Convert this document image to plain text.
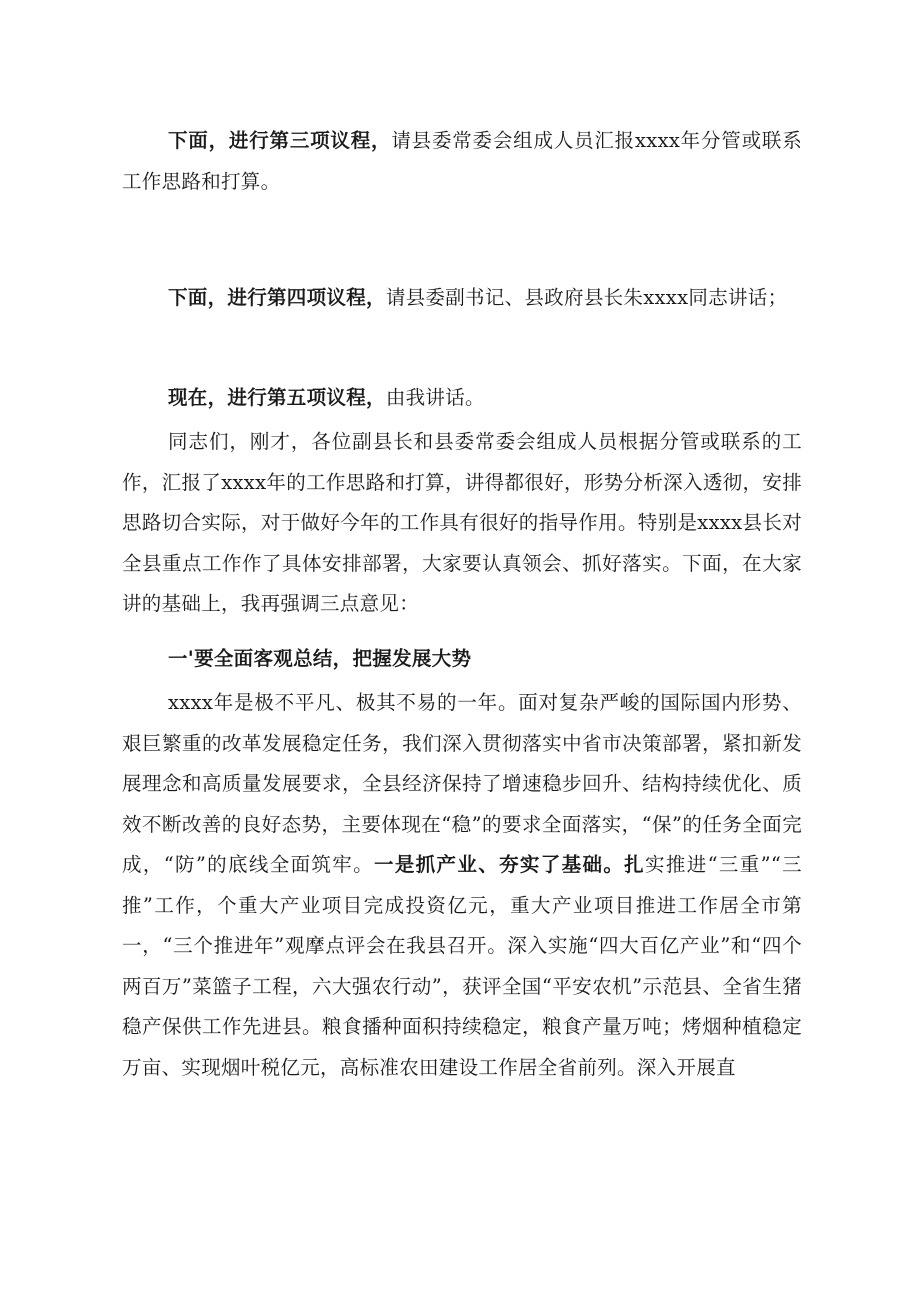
下面，进行第三项议程，请县委常委会组成人员汇报xxxx年分管或联系工作思路和打算。

下面，进行第四项议程，请县委副书记、县政府县长朱xxxx同志讲话；

现在，进行第五项议程，由我讲话。

同志们，刚才，各位副县长和县委常委会组成人员根据分管或联系的工作，汇报了xxxx年的工作思路和打算，讲得都很好，形势分析深入透彻，安排思路切合实际，对于做好今年的工作具有很好的指导作用。特别是xxxx县长对全县重点工作作了具体安排部署，大家要认真领会、抓好落实。下面，在大家讲的基础上，我再强调三点意见：

一'要全面客观总结，把握发展大势

xxxx年是极不平凡、极其不易的一年。面对复杂严峻的国际国内形势、艰巨繁重的改革发展稳定任务，我们深入贯彻落实中省市决策部署，紧扣新发展理念和高质量发展要求，全县经济保持了增速稳步回升、结构持续优化、质效不断改善的良好态势，主要体现在“稳”的要求全面落实，“保”的任务全面完成，“防”的底线全面筑牢。一是抓产业、夯实了基础。扎实推进“三重”“三推”工作，个重大产业项目完成投资亿元，重大产业项目推进工作居全市第一，“三个推进年”观摩点评会在我县召开。深入实施“四大百亿产业”和“四个两百万”菜篮子工程，六大强农行动”，获评全国“平安农机”示范县、全省生猪稳产保供工作先进县。粮食播种面积持续稳定，粮食产量万吨；烤烟种植稳定万亩、实现烟叶税亿元，高标准农田建设工作居全省前列。深入开展直
